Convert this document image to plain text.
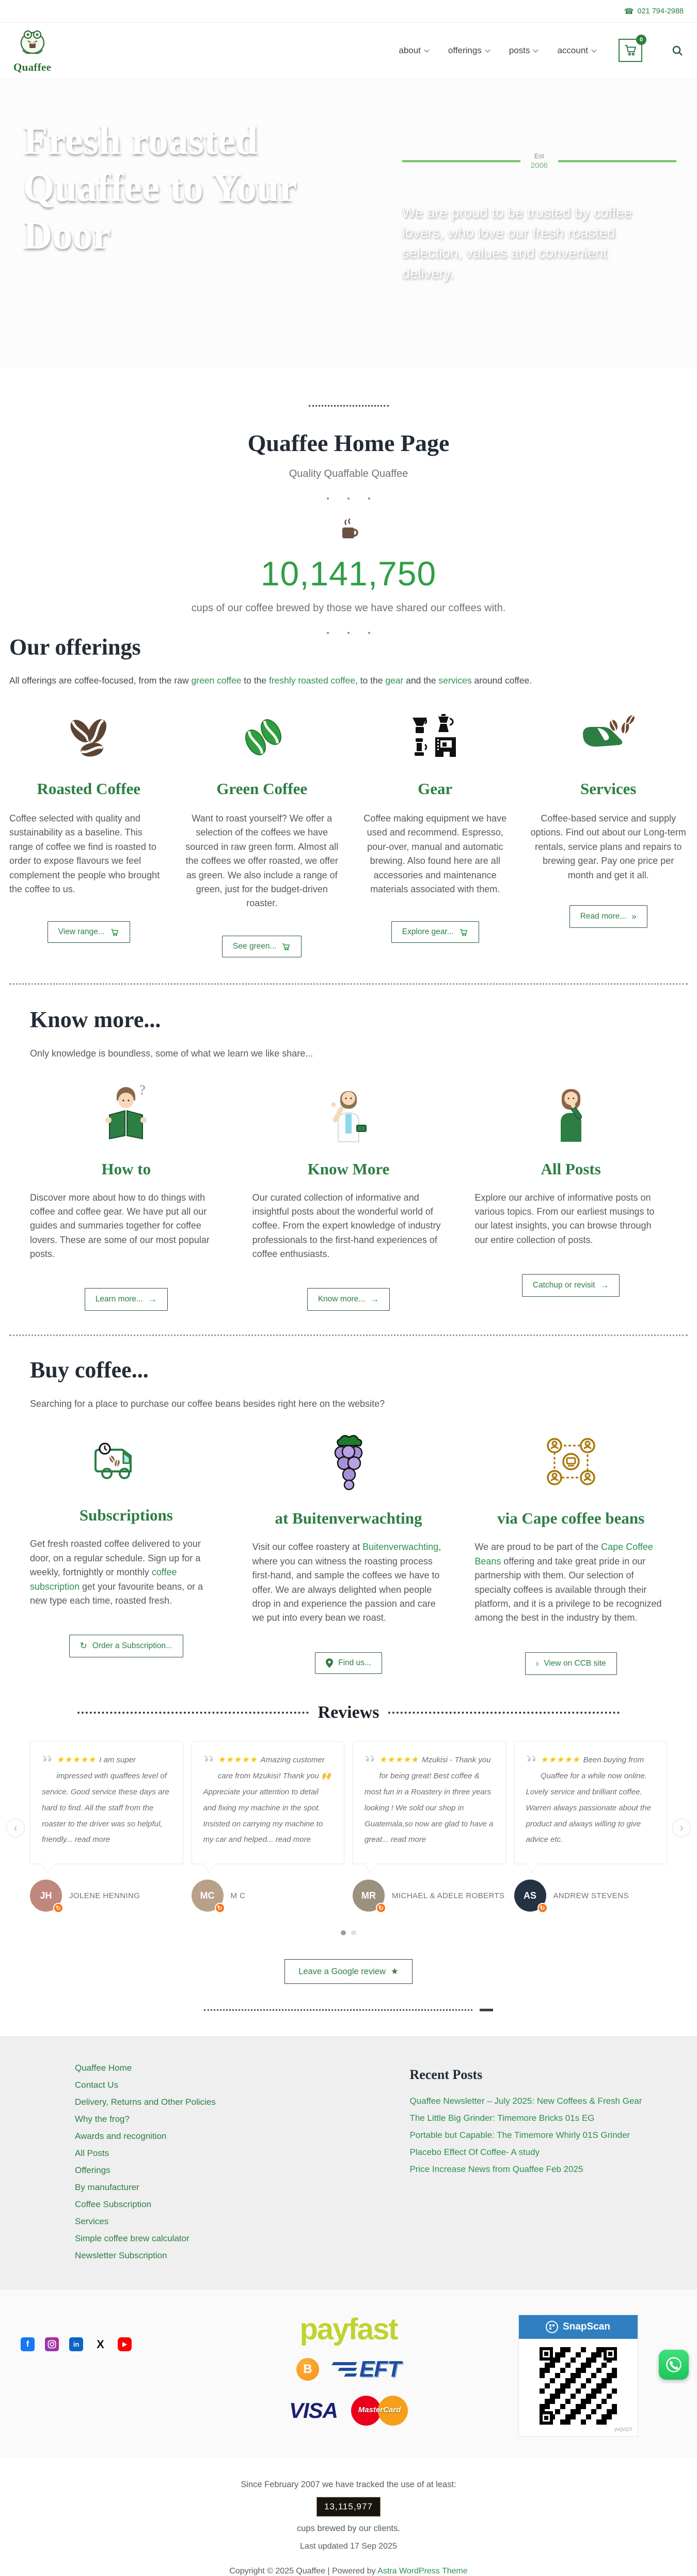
☎ 021 794-2988
Quaffee
about	offerings	posts	account
0
Fresh roasted Quaffee to Your Door
Est
2006
We are proud to be trusted by coffee lovers, who love our fresh roasted selection, values and convenient delivery.
Quaffee Home Page
Quality Quaffable Quaffee
10,141,750
cups of our coffee brewed by those we have shared our coffees with.
Our offerings

All offerings are coffee-focused, from the raw green coffee to the freshly roasted coffee, to the gear and the services around coffee.

Roasted Coffee

Coffee selected with quality and sustainability as a baseline. This range of coffee we find is roasted to order to expose flavours we feel complement the people who brought the coffee to us.

View range...
Green Coffee

Want to roast yourself? We offer a selection of the coffees we have sourced in raw green form. Almost all the coffees we offer roasted, we offer as green. We also include a range of green, just for the budget-driven roaster.

See green...
Gear

Coffee making equipment we have used and recommend. Espresso, pour-over, manual and automatic brewing. Also found here are all accessories and maintenance materials associated with them.

Explore gear...
Services

Coffee-based service and supply options. Find out about our Long-term rentals, service plans and repairs to brewing gear. Pay one price per month and get it all.

Read more... »
Know more...

Only knowledge is boundless, some of what we learn we like share...

?
How to

Discover more about how to do things with coffee and coffee gear. We have put all our guides and summaries together for coffee lovers. These are some of our most popular posts.

Learn more... →
Know More

Our curated collection of informative and insightful posts about the wonderful world of coffee. From the expert knowledge of industry professionals to the first-hand experiences of coffee enthusiasts.

Know more... →
All Posts

Explore our archive of informative posts on various topics. From our earliest musings to our latest insights, you can browse through our entire collection of posts.

Catchup or revisit →
Buy coffee...

Searching for a place to purchase our coffee beans besides right here on the website?

Subscriptions

Get fresh roasted coffee delivered to your door, on a regular schedule. Sign up for a weekly, fortnightly or monthly coffee subscription get your favourite beans, or a new type each time, roasted fresh.

↻ Order a Subscription...
at Buitenverwachting

Visit our coffee roastery at Buitenverwachting, where you can witness the roasting process first-hand, and sample the coffees we have to offer. We are always delighted when people drop in and experience the passion and care we put into every bean we roast.

Find us...
via Cape coffee beans

We are proud to be part of the Cape Coffee Beans offering and take great pride in our partnership with them. Our selection of specialty coffees is available through their platform, and it is a privilege to be recognized among the best in the industry by them.

› View on CCB site
Reviews
“ ★★★★★ I am super impressed with quaffees level of service. Good service these days are hard to find. All the staff from the roaster to the driver was so helpful, friendly... read more
“ ★★★★★ Amazing customer care from Mzukisi! Thank you 🙌 Appreciate your attention to detail and fixing my machine in the spot. Insisted on carrying my machine to my car and helped... read more
“ ★★★★★ Mzukisi - Thank you for being great! Best coffee & most fun in a Roastery in three years looking ! We sold our shop in Guatemala,so now are glad to have a great... read more
“ ★★★★★ Been buying from Quaffee for a while now online. Lovely service and brilliant coffee. Warren always passionate about the product and always willing to give advice etc.
‹	›
JH
↻
JOLENE HENNING	MC
↻
M C	MR
↻
MICHAEL & ADELE ROBERTS AS
↻
ANDREW STEVENS
Leave a Google review ★
Quaffee Home
Contact Us
Delivery, Returns and Other Policies
Why the frog?
Awards and recognition
All Posts
Offerings
By manufacturer
Coffee Subscription
Services
Simple coffee brew calculator
Newsletter Subscription
Recent Posts
Quaffee Newsletter – July 2025: New Coffees & Fresh Gear
The Little Big Grinder: Timemore Bricks 01s EG
Portable but Capable: The Timemore Whirly 01S Grinder
Placebo Effect Of Coffee- A study
Price Increase News from Quaffee Feb 2025
f	in	X	payfast
B	EFT
VISA	MasterCard
SnapScan
yvQvQ7l
Since February 2007 we have tracked the use of at least:
13,115,977
cups brewed by our clients.
Last updated 17 Sep 2025
Copyright © 2025 Quaffee | Powered by Astra WordPress Theme
